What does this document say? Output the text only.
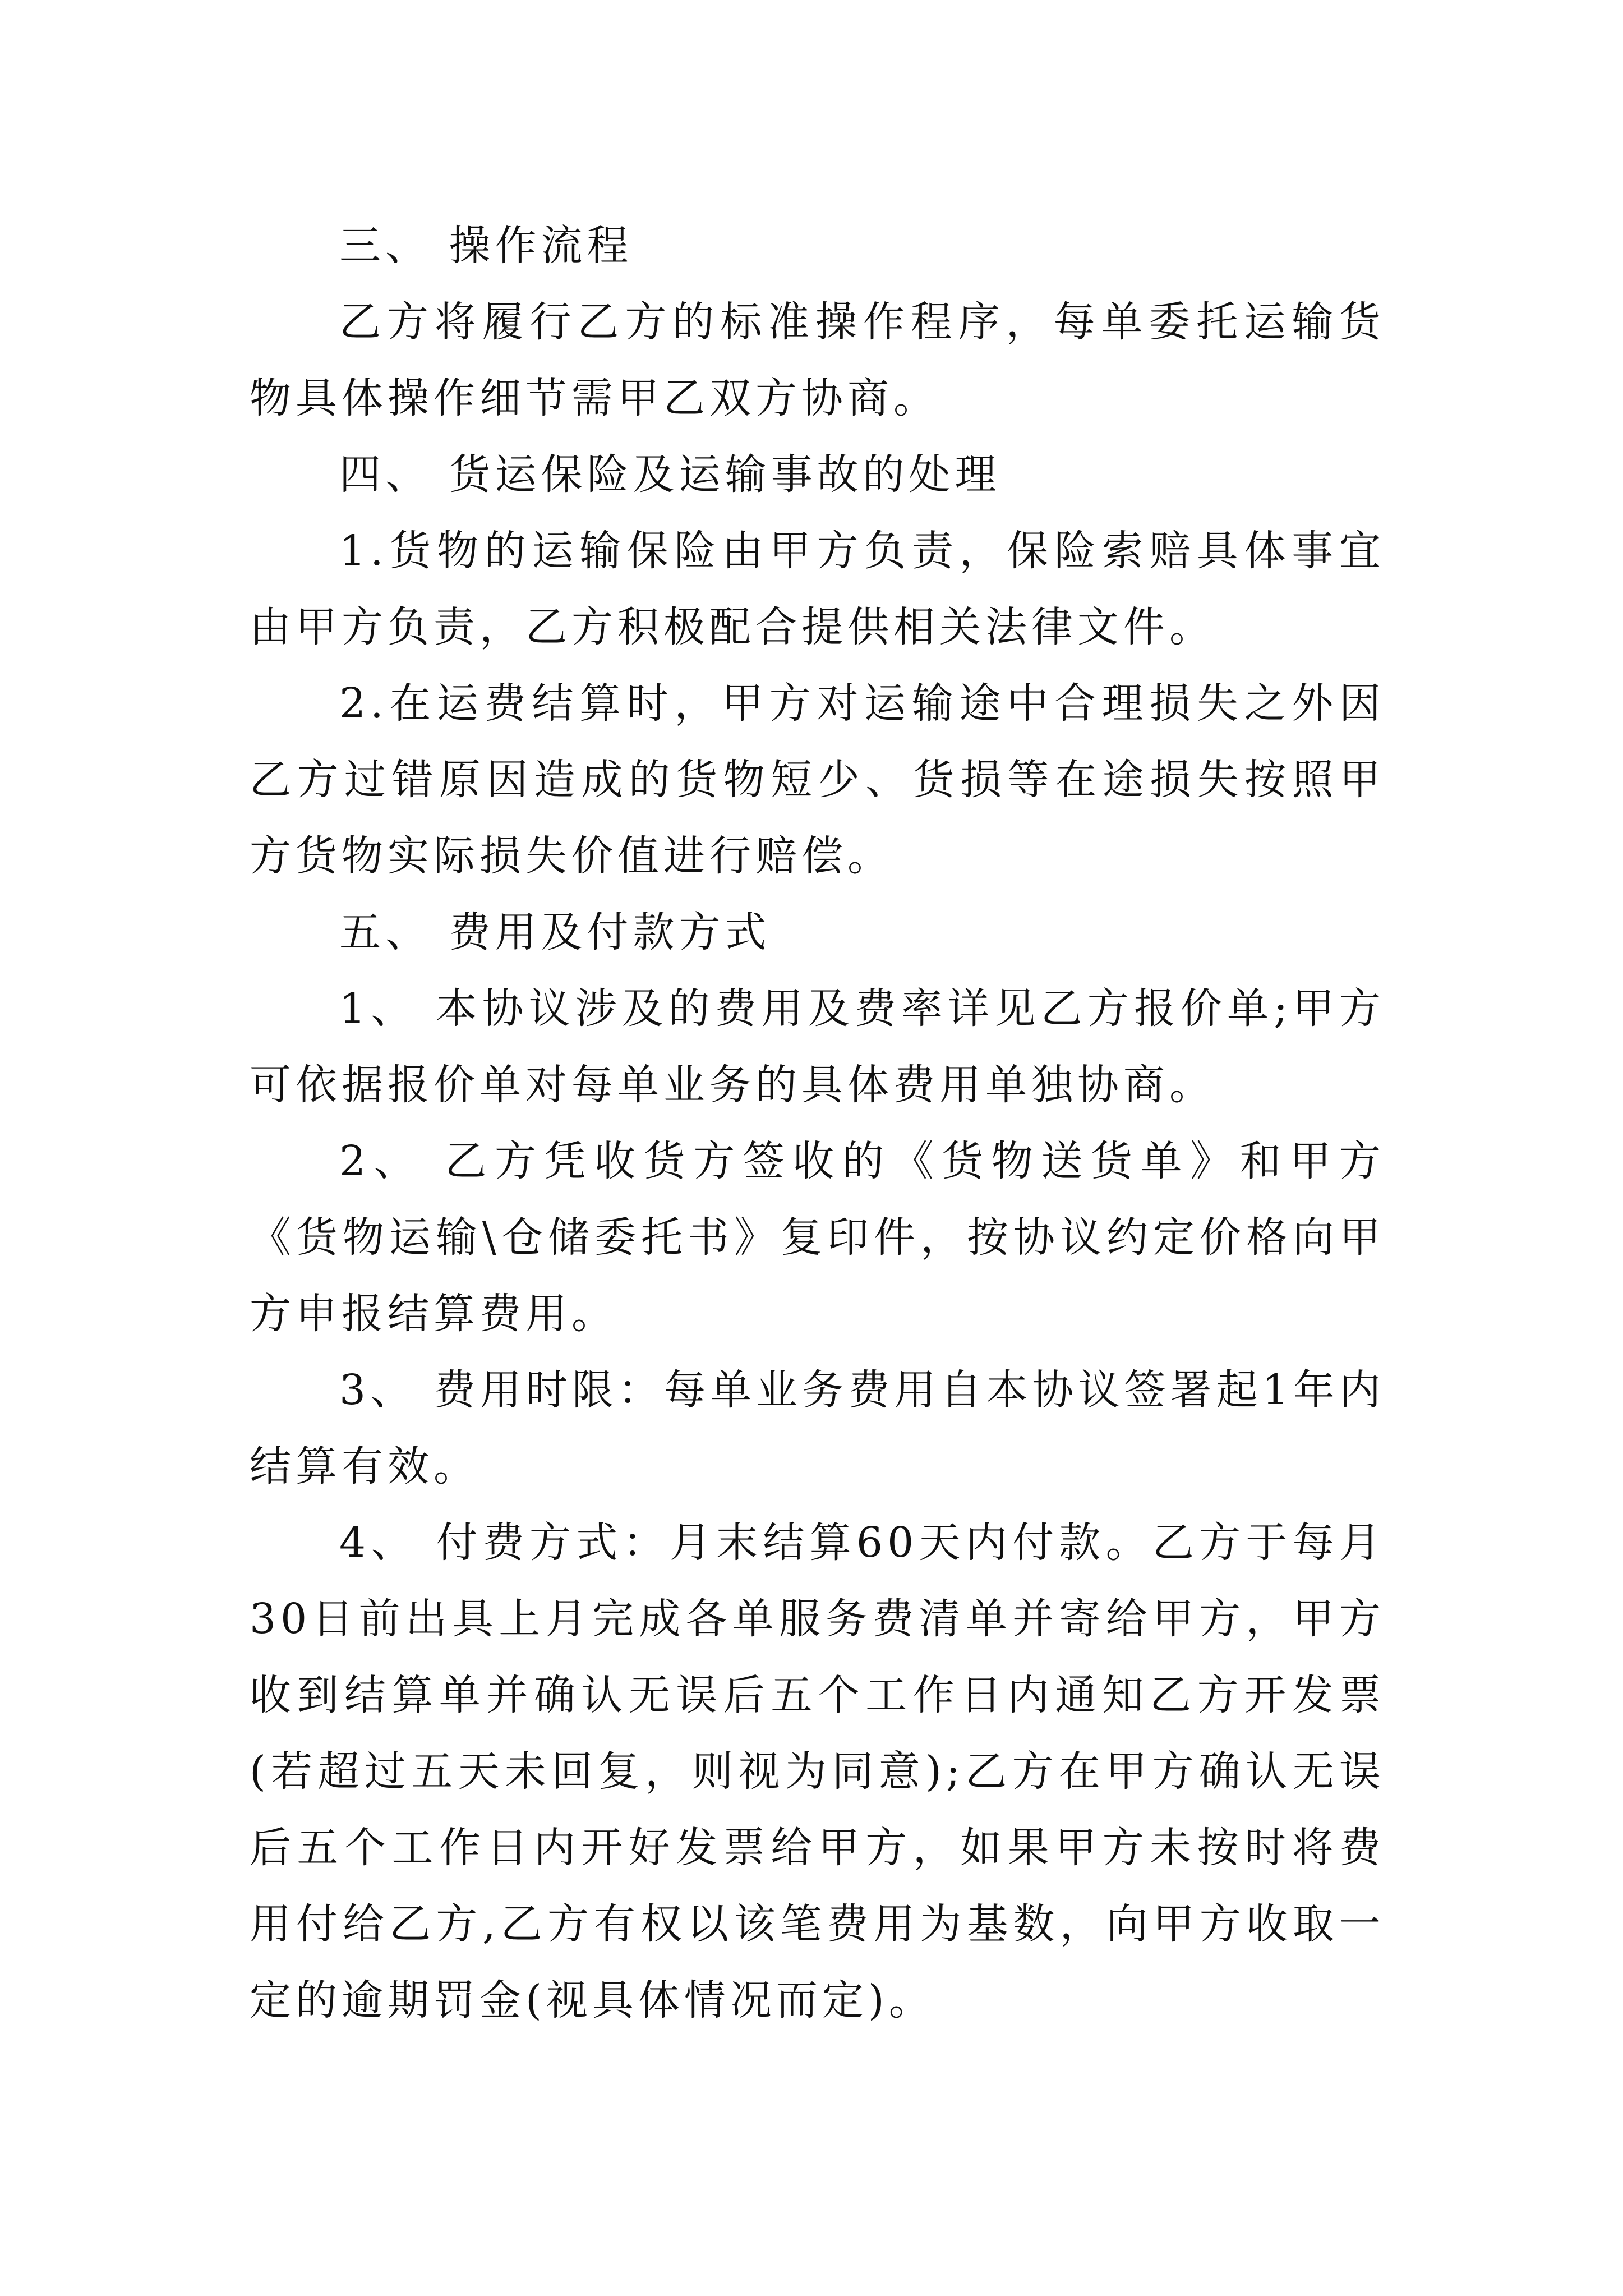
三、 操作流程

乙方将履行乙方的标准操作程序，每单委托运输货物具体操作细节需甲乙双方协商。

四、 货运保险及运输事故的处理

1.货物的运输保险由甲方负责，保险索赔具体事宜由甲方负责，乙方积极配合提供相关法律文件。

2.在运费结算时，甲方对运输途中合理损失之外因乙方过错原因造成的货物短少、货损等在途损失按照甲方货物实际损失价值进行赔偿。

五、 费用及付款方式

1、 本协议涉及的费用及费率详见乙方报价单;甲方可依据报价单对每单业务的具体费用单独协商。

2、 乙方凭收货方签收的《货物送货单》和甲方《货物运输\仓储委托书》复印件，按协议约定价格向甲方申报结算费用。

3、 费用时限：每单业务费用自本协议签署起1年内结算有效。

4、 付费方式：月末结算60天内付款。乙方于每月30日前出具上月完成各单服务费清单并寄给甲方，甲方收到结算单并确认无误后五个工作日内通知乙方开发票(若超过五天未回复，则视为同意);乙方在甲方确认无误后五个工作日内开好发票给甲方，如果甲方未按时将费用付给乙方,乙方有权以该笔费用为基数，向甲方收取一定的逾期罚金(视具体情况而定)。
